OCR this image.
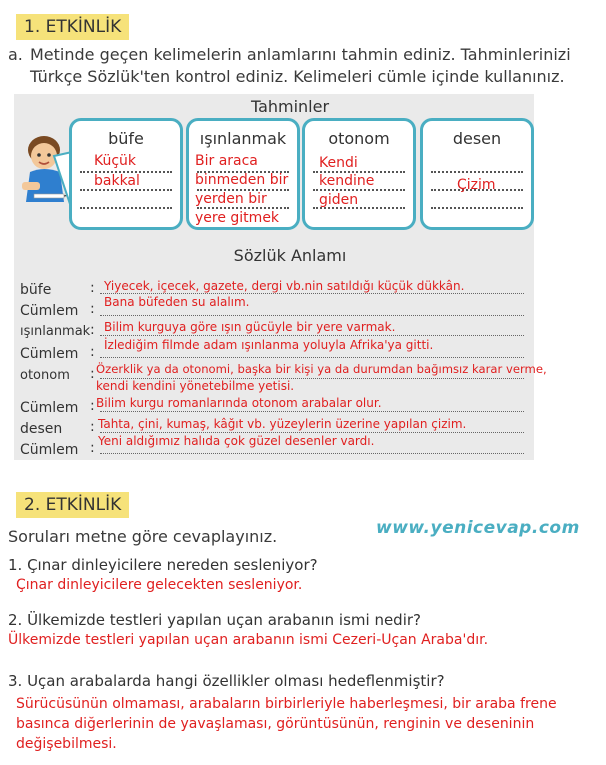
1. ETKİNLİK
a. Metinde geçen kelimelerin anlamlarını tahmin ediniz. Tahminlerinizi
Türkçe Sözlük'ten kontrol ediniz. Kelimeleri cümle içinde kullanınız.
Tahminler
büfe
Küçük
bakkal
ışınlanmak
Bir araca
binmeden bir
yerden bir
yere gitmek
otonom
Kendi
kendine
giden
desen
Çizim
Sözlük Anlamı
büfe	: Yiyecek, içecek, gazete, dergi vb.nin satıldığı küçük dükkân.
Cümlem : Bana büfeden su alalım.
ışınlanmak : Bilim kurguya göre ışın gücüyle bir yere varmak.
Cümlem : İzlediğim filmde adam ışınlanma yoluyla Afrika'ya gitti.
otonom : Özerklik ya da otonomi, başka bir kişi ya da durumdan bağımsız karar verme,
kendi kendini yönetebilme yetisi.
Cümlem : Bilim kurgu romanlarında otonom arabalar olur.
desen : Tahta, çini, kumaş, kâğıt vb. yüzeylerin üzerine yapılan çizim.
Cümlem : Yeni aldığımız halıda çok güzel desenler vardı.
2. ETKİNLİK
Soruları metne göre cevaplayınız.	www.yenicevap.com
1. Çınar dinleyicilere nereden sesleniyor?
Çınar dinleyicilere gelecekten sesleniyor.
2. Ülkemizde testleri yapılan uçan arabanın ismi nedir?
Ülkemizde testleri yapılan uçan arabanın ismi Cezeri-Uçan Araba'dır.
3. Uçan arabalarda hangi özellikler olması hedeflenmiştir?
Sürücüsünün olmaması, arabaların birbirleriyle haberleşmesi, bir araba frene basınca diğerlerinin de yavaşlaması, görüntüsünün, renginin ve deseninin değişebilmesi.
